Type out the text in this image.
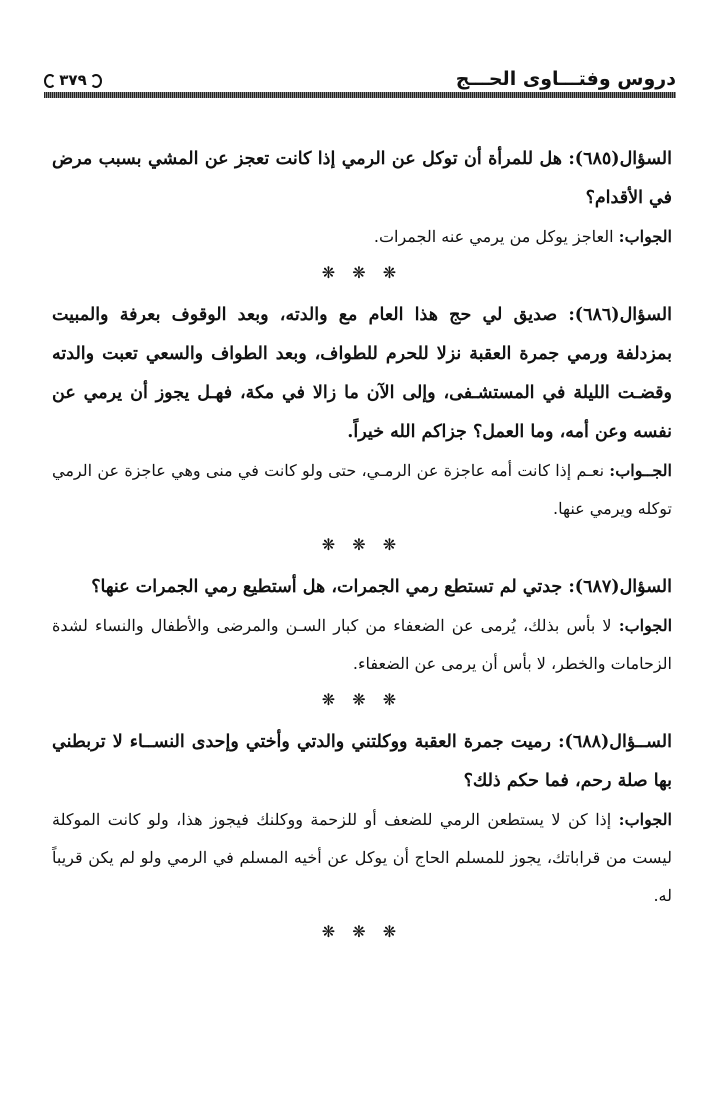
دروس وفتـــاوى الحـــج
٣٧٩

السؤال(٦٨٥): هل للمرأة أن توكل عن الرمي إذا كانت تعجز عن المشي بسبب مرض في الأقدام؟

الجواب: العاجز يوكل من يرمي عنه الجمرات.

❋ ❋ ❋

السؤال(٦٨٦): صديق لي حج هذا العام مع والدته، وبعد الوقوف بعرفة والمبيت بمزدلفة ورمي جمرة العقبة نزلا للحرم للطواف، وبعد الطواف والسعي تعبت والدته وقضـت الليلة في المستشـفى، وإلى الآن ما زالا في مكة، فهـل يجوز أن يرمي عن نفسه وعن أمه، وما العمل؟ جزاكم الله خيراً.

الجــواب: نعـم إذا كانت أمه عاجزة عن الرمـي، حتى ولو كانت في منى وهي عاجزة عن الرمي توكله ويرمي عنها.

❋ ❋ ❋

السؤال(٦٨٧): جدتي لم تستطع رمي الجمرات، هل أستطيع رمي الجمرات عنها؟

الجواب: لا بأس بذلك، يُرمى عن الضعفاء من كبار السـن والمرضى والأطفال والنساء لشدة الزحامات والخطر، لا بأس أن يرمى عن الضعفاء.

❋ ❋ ❋

الســؤال(٦٨٨): رميت جمرة العقبة ووكلتني والدتي وأختي وإحدى النســاء لا تربطني بها صلة رحم، فما حكم ذلك؟

الجواب: إذا كن لا يستطعن الرمي للضعف أو للزحمة ووكلنك فيجوز هذا، ولو كانت الموكلة ليست من قراباتك، يجوز للمسلم الحاج أن يوكل عن أخيه المسلم في الرمي ولو لم يكن قريباً له.

❋ ❋ ❋
